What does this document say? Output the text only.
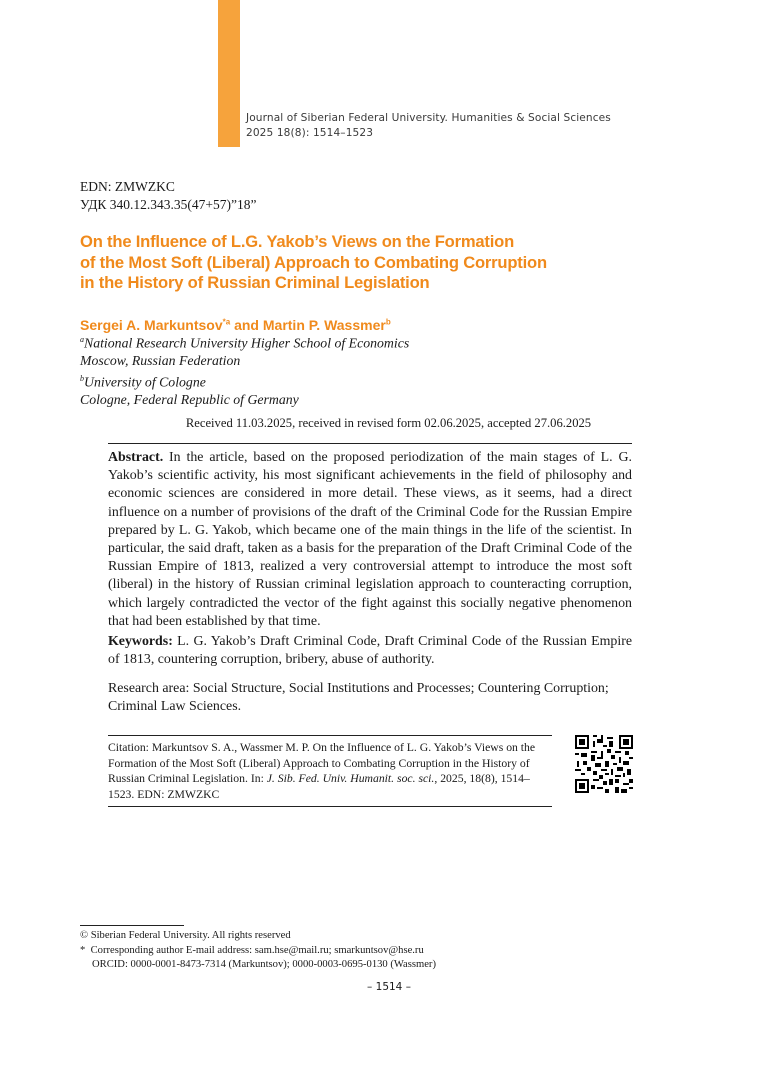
Journal of Siberian Federal University. Humanities & Social Sciences
2025 18(8): 1514–1523
EDN: ZMWZKC
УДК 340.12.343.35(47+57)”18”
On the Influence of L.G. Yakob’s Views on the Formation
of the Most Soft (Liberal) Approach to Combating Corruption
in the History of Russian Criminal Legislation
Sergei A. Markuntsov$^{*a}$ and Martin P. Wassmer$^b$
$^a$National Research University Higher School of Economics
Moscow, Russian Federation
$^b$University of Cologne
Cologne, Federal Republic of Germany
Received 11.03.2025, received in revised form 02.06.2025, accepted 27.06.2025
Abstract. In the article, based on the proposed periodization of the main stages of L. G. Yakob’s scientific activity, his most significant achievements in the field of philosophy and economic sciences are considered in more detail. These views, as it seems, had a direct influence on a number of provisions of the draft of the Criminal Code for the Russian Empire prepared by L. G. Yakob, which became one of the main things in the life of the scientist. In particular, the said draft, taken as a basis for the preparation of the Draft Criminal Code of the Russian Empire of 1813, realized a very controversial attempt to introduce the most soft (liberal) in the history of Russian criminal legislation approach to counteracting corruption, which largely contradicted the vector of the fight against this socially negative phenomenon that had been established by that time.
Keywords: L. G. Yakob’s Draft Criminal Code, Draft Criminal Code of the Russian Empire of 1813, countering corruption, bribery, abuse of authority.
Research area: Social Structure, Social Institutions and Processes; Countering Corruption; Criminal Law Sciences.
Citation: Markuntsov S. A., Wassmer M. P. On the Influence of L. G. Yakob’s Views on the Formation of the Most Soft (Liberal) Approach to Combating Corruption in the History of Russian Criminal Legislation. In: J. Sib. Fed. Univ. Humanit. soc. sci., 2025, 18(8), 1514–1523. EDN: ZMWZKC
© Siberian Federal University. All rights reserved
*  Corresponding author E-mail address: sam.hse@mail.ru; smarkuntsov@hse.ru
ORCID: 0000-0001-8473-7314 (Markuntsov); 0000-0003-0695-0130 (Wassmer)
– 1514 –
